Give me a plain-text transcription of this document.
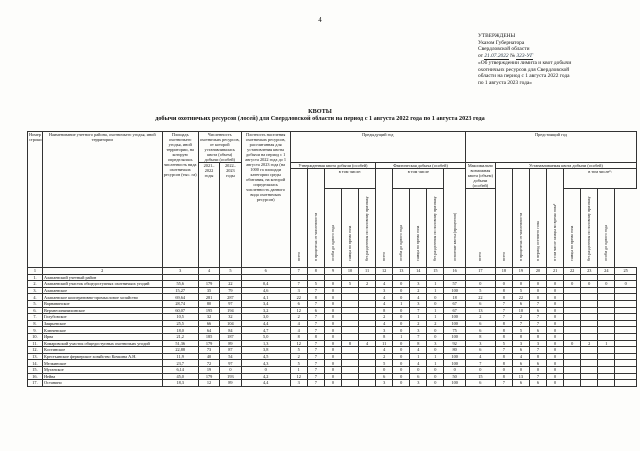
4
УТВЕРЖДЕНЫ
Указом Губернатора
Свердловской области
от 21.07.2022 № 323-УГ
«Об утверждении лимита и квот добычи
охотничьих ресурсов для Свердловской
области на период с 1 августа 2022 года
по 1 августа 2023 года»
КВОТЫ
добычи охотничьих ресурсов (лосей) для Свердловской области на период с 1 августа 2022 года по 1 августа 2023 года
Номер строки	Наименование учетного района, охотничьего угодья, иной территории	Площадь охотничьего угодья, иной территории, на которую определялась численность вида охотничьих ресурсов (тыс. га)	Численность охотничьих ресурсов, от которой устанавливалась квота (объем) добычи (особей)		Плотность населения охотничьих ресурсов, рассчитанная для установления квоты добычи на период с 1 августа 2022 года до 1 августа 2023 года (на 1000 га площади категории среды обитания, на которой определялась численность данного вида охотничьих ресурсов)	Предыдущий год										Предстоящий год								
			2021–2022 годы	2022–2023 годы		Утвержденная квота добычи (особей)					Фактическая добыча (особей)					Максимально возможная квота (объем) добычи (особей)	Устанавливаемая квота добычи (особей)							

						всего	в процентах от численности	в том числе:			всего	в том числе			освоение квоты (процентов)		всего	в процентах от численности	в период осеннего гона	в том числе самцы во время гона²	в том числе¹:			

								особи до одного года	самцы во время гона	без разделения по половому признаку		особи до одного года	самцы во время гона	без разделения по половому признаку		всего					самцы во время гона	без разделения по половому признаку	особи до одного года	

1	2	3	4	5	6	7	8	9	10	11	12	13	14	15	16	17	18	19	20	21	22	23	24	25
1.	Алапаевский учетный район																							
2.	Алапаевский участок общедоступных охотничьих угодий	55,6	179	22	0,4	7	5	0	5	2	4	0	3	1	57	0	0	0	0	0	0	0	0	0
3.	Алапаевское	15,27	35	79	4,6	3	7	0			3	0	2	1	100	5	8	5	0	0				
4.	Алапаевское кооперативно-промысловое хозяйство	69,64	281	287	4,1	22	8	0			4	0	4	0	18	22	8	22	0	0				
5.	Варнавинское	28,74	80	97	3,4	6	7	0			4	1	3	0	67	6	7	6	7	0				
6.	Верхнесинячихинское	60,07	195	194	3,2	12	6	0			8	0	7	1	67	13	7	10	6	0				
7.	Голубовское	10,5	32	32	3,0	2	7	0			2	0	1	1	100	2	7	2	7	0				
8.	Заярьевское	25,5	66	104	4,4	4	7	0			4	0	2	2	100	6	8	7	7	0				
9.	Ключевское	18,0	64	84	4,7	4	7	0			3	0	3	0	75	6	8	5	6	0				
10.	Ирва	21,2	185	187	5,0	8	8	0			8	1	7	0	100	8	8	8	8	0				
11.	Комаровский участок общедоступных охотничьих угодий	51,36	179	89	1,3	12	7	0	8	4	11	0	8	3	92	3	5	3	3	0	0	2	1	
12.	Костинское	22,88	73	87	3,8	5	7	0			4	0	4	0	80	6	7	6	7	0				
13.	Крестьянское фермерское хозяйство Кочкина А.Н.	11,9	40	54	4,5	2	7	0			2	0	1	1	100	4	8	4	8	0				
14.	Мелкинское	23,7	72	97	4,3	5	7	0			5	0	4	1	100	7	8	6	6	0				
15.	Муганское	6,14	19	0	0	1	7	0			0	0	0	0	0	0	0	0	0	0				
16.	Нейва	45,0	179	193	4,2	12	7	0			6	0	6	0	50	15	8	13	7	0				
17.	Останино	18,3	12	89	4,4	3	7	0			3	0	3	0	100	6	7	6	6	0				
